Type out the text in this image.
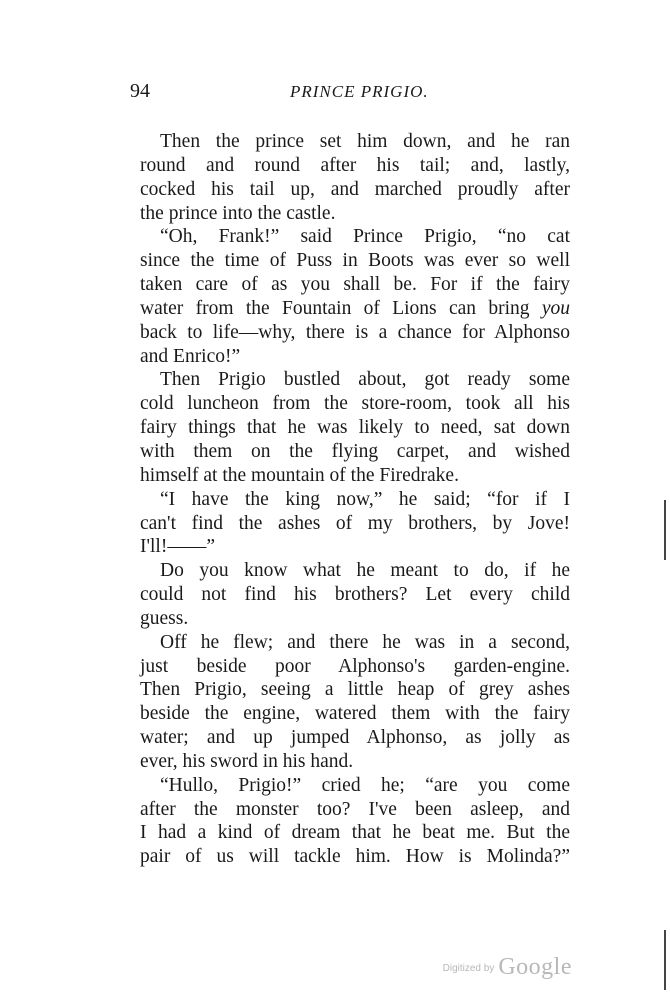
94	PRINCE PRIGIO.
Then the prince set him down, and he ran
round and round after his tail; and, lastly,
cocked his tail up, and marched proudly after
the prince into the castle.
“Oh, Frank!” said Prince Prigio, “no cat
since the time of Puss in Boots was ever so well
taken care of as you shall be. For if the fairy
water from the Fountain of Lions can bring you
back to life—why, there is a chance for Alphonso
and Enrico!”
Then Prigio bustled about, got ready some
cold luncheon from the store-room, took all his
fairy things that he was likely to need, sat down
with them on the flying carpet, and wished
himself at the mountain of the Firedrake.
“I have the king now,” he said; “for if I
can't find the ashes of my brothers, by Jove!
I'll!——”
Do you know what he meant to do, if he
could not find his brothers? Let every child
guess.
Off he flew; and there he was in a second,
just beside poor Alphonso's garden-engine.
Then Prigio, seeing a little heap of grey ashes
beside the engine, watered them with the fairy
water; and up jumped Alphonso, as jolly as
ever, his sword in his hand.
“Hullo, Prigio!” cried he; “are you come
after the monster too? I've been asleep, and
I had a kind of dream that he beat me. But the
pair of us will tackle him. How is Molinda?”
Digitized by Google
